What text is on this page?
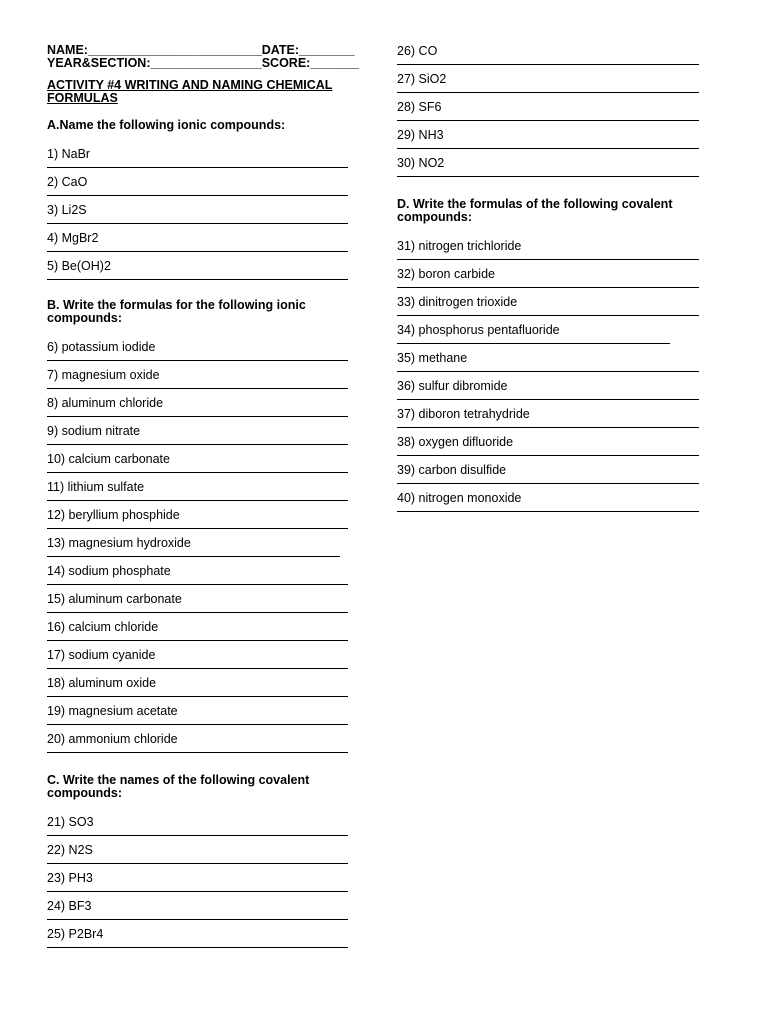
NAME:_________________________DATE:________
YEAR&SECTION:________________SCORE:_______
ACTIVITY #4 WRITING AND NAMING CHEMICAL FORMULAS
A.Name the following ionic compounds:
1) NaBr
2) CaO
3) Li2S
4) MgBr2
5) Be(OH)2
B. Write the formulas for the following ionic compounds:
6) potassium iodide
7) magnesium oxide
8) aluminum chloride
9) sodium nitrate
10) calcium carbonate
11) lithium sulfate
12) beryllium phosphide
13) magnesium hydroxide
14) sodium phosphate
15) aluminum carbonate
16) calcium chloride
17) sodium cyanide
18) aluminum oxide
19) magnesium acetate
20) ammonium chloride
C. Write the names of the following covalent compounds:
21) SO3
22) N2S
23) PH3
24) BF3
25) P2Br4
26) CO
27) SiO2
28) SF6
29) NH3
30) NO2
D. Write the formulas of the following covalent compounds:
31) nitrogen trichloride
32) boron carbide
33) dinitrogen trioxide
34) phosphorus pentafluoride
35) methane
36) sulfur dibromide
37) diboron tetrahydride
38) oxygen difluoride
39) carbon disulfide
40) nitrogen monoxide
